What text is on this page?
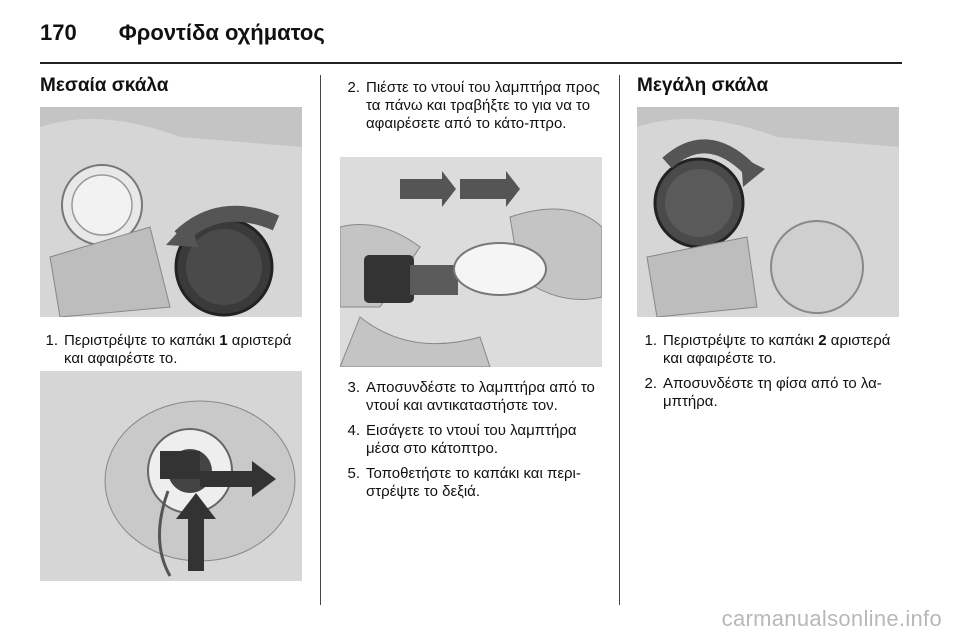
170 Φροντίδα οχήματος
Μεσαία σκάλα
1. Περιστρέψτε το καπάκι 1 αριστερά και αφαιρέστε το.
2. Πιέστε το ντουί του λαμπτήρα προς τα πάνω και τραβήξτε το για να το αφαιρέσετε από το κάτο-πτρο.
3. Αποσυνδέστε το λαμπτήρα από το ντουί και αντικαταστήστε τον.
4. Εισάγετε το ντουί του λαμπτήρα μέσα στο κάτοπτρο.
5. Τοποθετήστε το καπάκι και περι-στρέψτε το δεξιά.
Μεγάλη σκάλα
1. Περιστρέψτε το καπάκι 2 αριστερά και αφαιρέστε το.
2. Αποσυνδέστε τη φίσα από το λα-μπτήρα.
carmanualsonline.info
